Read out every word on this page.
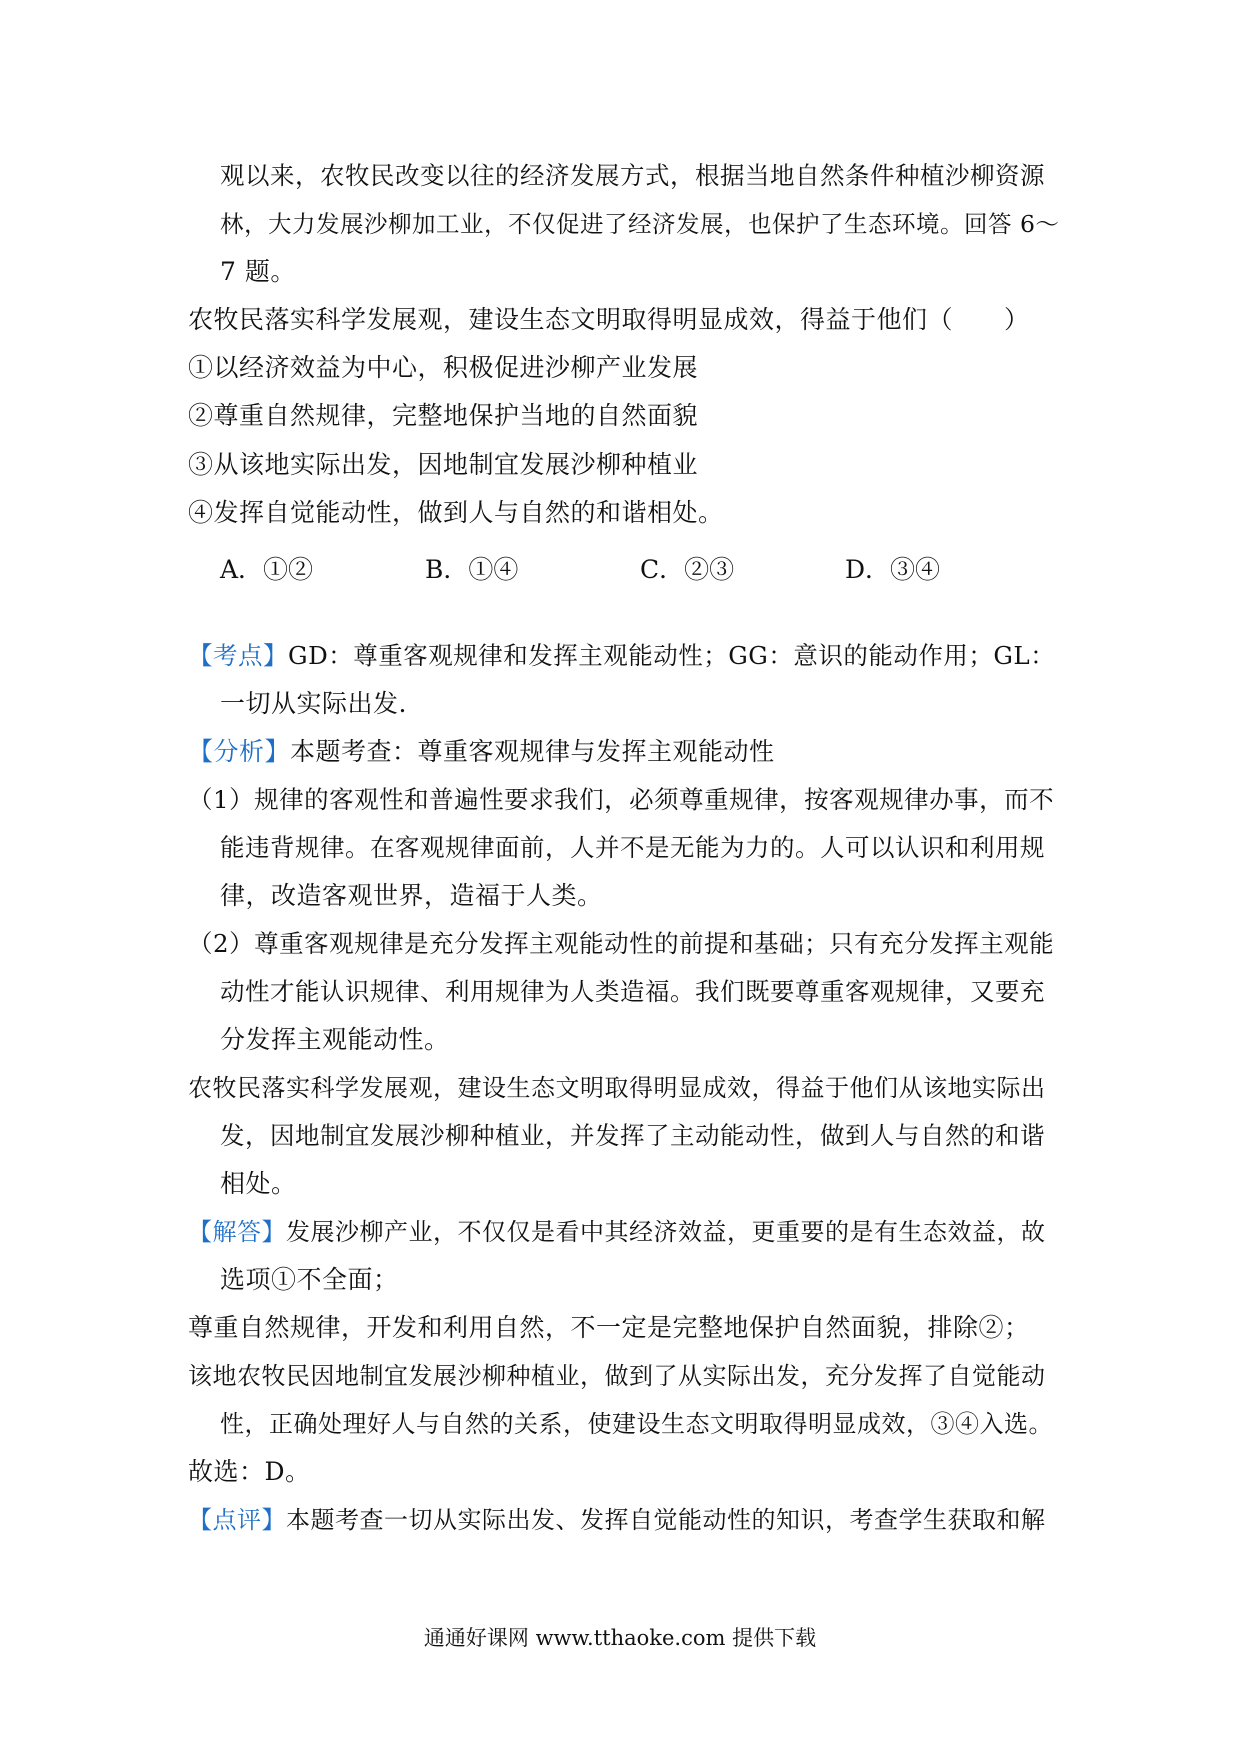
观以来，农牧民改变以往的经济发展方式，根据当地自然条件种植沙柳资源
林，大力发展沙柳加工业，不仅促进了经济发展，也保护了生态环境。回答 6～
7 题。
农牧民落实科学发展观，建设生态文明取得明显成效，得益于他们（　　）
①以经济效益为中心，积极促进沙柳产业发展
②尊重自然规律，完整地保护当地的自然面貌
③从该地实际出发，因地制宜发展沙柳种植业
④发挥自觉能动性，做到人与自然的和谐相处。
A．①②	B．①④	C．②③	D．③④
【考点】GD：尊重客观规律和发挥主观能动性；GG：意识的能动作用；GL：
一切从实际出发.
【分析】本题考查：尊重客观规律与发挥主观能动性
（1）规律的客观性和普遍性要求我们，必须尊重规律，按客观规律办事，而不
能违背规律。在客观规律面前，人并不是无能为力的。人可以认识和利用规
律，改造客观世界，造福于人类。
（2）尊重客观规律是充分发挥主观能动性的前提和基础；只有充分发挥主观能
动性才能认识规律、利用规律为人类造福。我们既要尊重客观规律，又要充
分发挥主观能动性。
农牧民落实科学发展观，建设生态文明取得明显成效，得益于他们从该地实际出
发，因地制宜发展沙柳种植业，并发挥了主动能动性，做到人与自然的和谐
相处。
【解答】发展沙柳产业，不仅仅是看中其经济效益，更重要的是有生态效益，故
选项①不全面；
尊重自然规律，开发和利用自然，不一定是完整地保护自然面貌，排除②；
该地农牧民因地制宜发展沙柳种植业，做到了从实际出发，充分发挥了自觉能动
性，正确处理好人与自然的关系，使建设生态文明取得明显成效，③④入选。
故选：D。
【点评】本题考查一切从实际出发、发挥自觉能动性的知识，考查学生获取和解
通通好课网 www.tthaoke.com 提供下载
